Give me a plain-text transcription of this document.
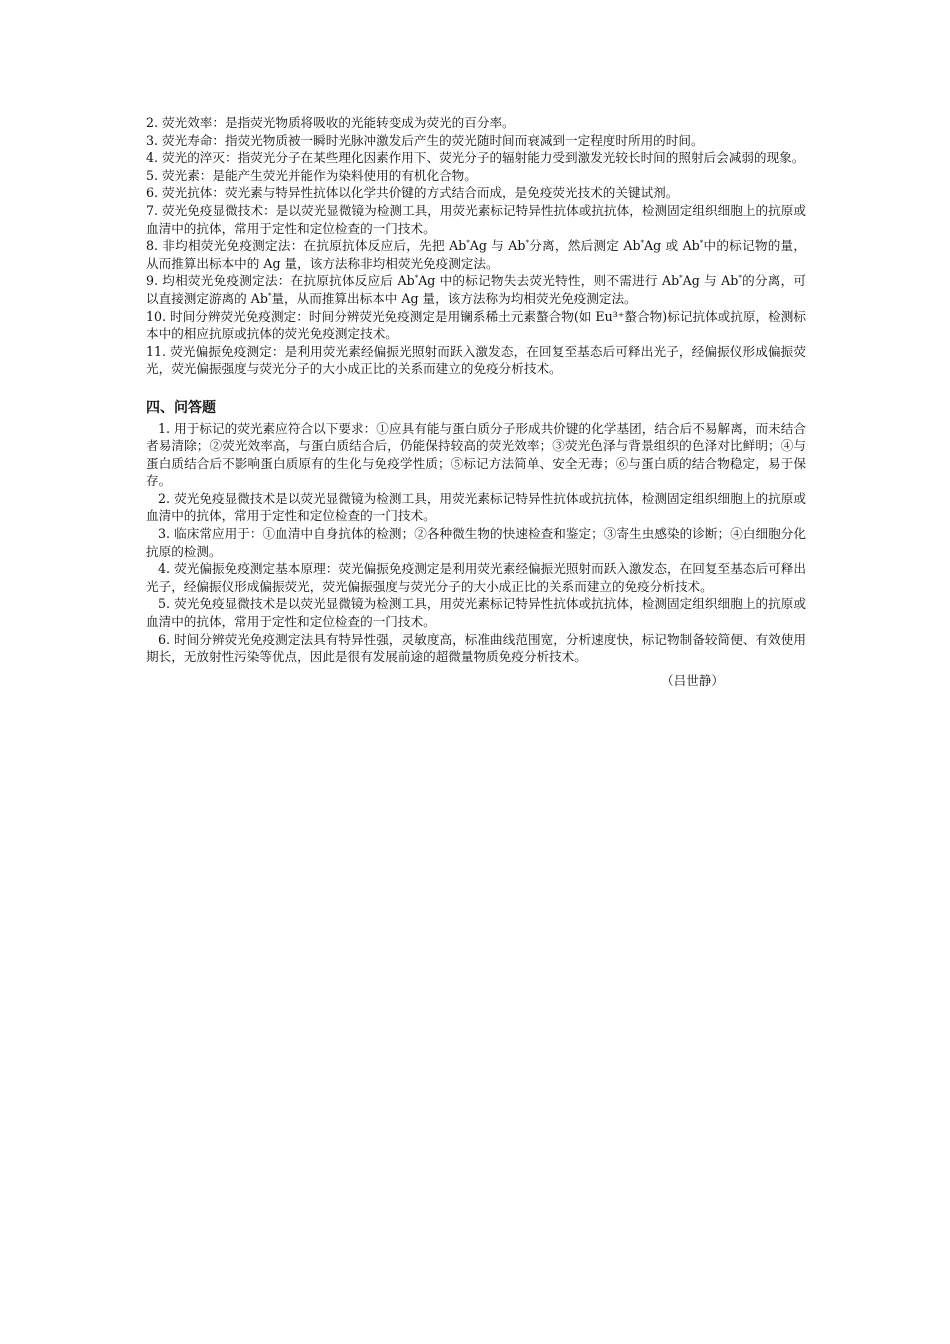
2. 荧光效率：是指荧光物质将吸收的光能转变成为荧光的百分率。

3. 荧光寿命：指荧光物质被一瞬时光脉冲激发后产生的荧光随时间而衰减到一定程度时所用的时间。

4. 荧光的淬灭：指荧光分子在某些理化因素作用下、荧光分子的辐射能力受到激发光较长时间的照射后会减弱的现象。

5. 荧光素：是能产生荧光并能作为染料使用的有机化合物。

6. 荧光抗体：荧光素与特异性抗体以化学共价键的方式结合而成，是免疫荧光技术的关键试剂。

7. 荧光免疫显微技术：是以荧光显微镜为检测工具，用荧光素标记特异性抗体或抗抗体，检测固定组织细胞上的抗原或血清中的抗体，常用于定性和定位检查的一门技术。

8. 非均相荧光免疫测定法：在抗原抗体反应后，先把 Ab*Ag 与 Ab*分离，然后测定 Ab*Ag 或 Ab*中的标记物的量，从而推算出标本中的 Ag 量，该方法称非均相荧光免疫测定法。

9. 均相荧光免疫测定法：在抗原抗体反应后 Ab*Ag 中的标记物失去荧光特性，则不需进行 Ab*Ag 与 Ab*的分离，可以直接测定游离的 Ab*量，从而推算出标本中 Ag 量，该方法称为均相荧光免疫测定法。

10. 时间分辨荧光免疫测定：时间分辨荧光免疫测定是用镧系稀土元素螯合物(如 Eu³⁺螯合物)标记抗体或抗原，检测标本中的相应抗原或抗体的荧光免疫测定技术。

11. 荧光偏振免疫测定：是利用荧光素经偏振光照射而跃入激发态，在回复至基态后可释出光子，经偏振仪形成偏振荧光，荧光偏振强度与荧光分子的大小成正比的关系而建立的免疫分析技术。

四、问答题

1. 用于标记的荧光素应符合以下要求：①应具有能与蛋白质分子形成共价键的化学基团，结合后不易解离，而未结合者易清除；②荧光效率高，与蛋白质结合后，仍能保持较高的荧光效率；③荧光色泽与背景组织的色泽对比鲜明；④与蛋白质结合后不影响蛋白质原有的生化与免疫学性质；⑤标记方法简单、安全无毒；⑥与蛋白质的结合物稳定，易于保存。

2. 荧光免疫显微技术是以荧光显微镜为检测工具，用荧光素标记特异性抗体或抗抗体，检测固定组织细胞上的抗原或血清中的抗体，常用于定性和定位检查的一门技术。

3. 临床常应用于：①血清中自身抗体的检测；②各种微生物的快速检查和鉴定；③寄生虫感染的诊断；④白细胞分化抗原的检测。

4. 荧光偏振免疫测定基本原理：荧光偏振免疫测定是利用荧光素经偏振光照射而跃入激发态，在回复至基态后可释出光子，经偏振仪形成偏振荧光，荧光偏振强度与荧光分子的大小成正比的关系而建立的免疫分析技术。

5. 荧光免疫显微技术是以荧光显微镜为检测工具，用荧光素标记特异性抗体或抗抗体，检测固定组织细胞上的抗原或血清中的抗体，常用于定性和定位检查的一门技术。

6. 时间分辨荧光免疫测定法具有特异性强，灵敏度高，标准曲线范围宽，分析速度快，标记物制备较简便、有效使用期长，无放射性污染等优点，因此是很有发展前途的超微量物质免疫分析技术。

（吕世静）
